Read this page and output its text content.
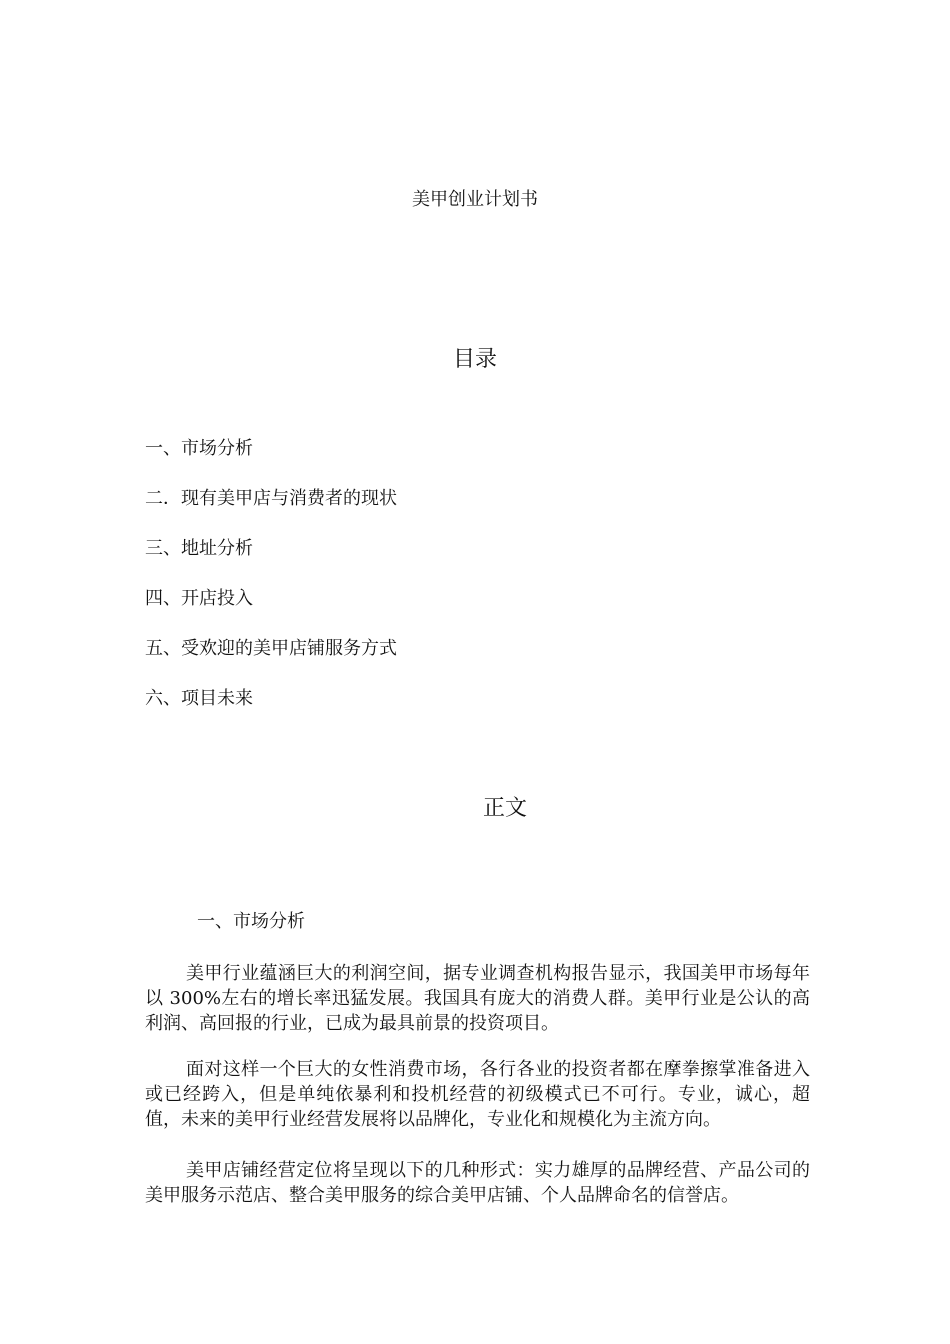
美甲创业计划书
目录
一、市场分析
二．现有美甲店与消费者的现状
三、地址分析
四、开店投入
五、受欢迎的美甲店铺服务方式
六、项目未来
正文
一、市场分析

美甲行业蕴涵巨大的利润空间，据专业调查机构报告显示，我国美甲市场每年以 300%左右的增长率迅猛发展。我国具有庞大的消费人群。美甲行业是公认的高利润、高回报的行业，已成为最具前景的投资项目。

面对这样一个巨大的女性消费市场，各行各业的投资者都在摩拳擦掌准备进入或已经跨入，但是单纯依暴利和投机经营的初级模式已不可行。专业，诚心，超值，未来的美甲行业经营发展将以品牌化，专业化和规模化为主流方向。

美甲店铺经营定位将呈现以下的几种形式：实力雄厚的品牌经营、产品公司的美甲服务示范店、整合美甲服务的综合美甲店铺、个人品牌命名的信誉店。
